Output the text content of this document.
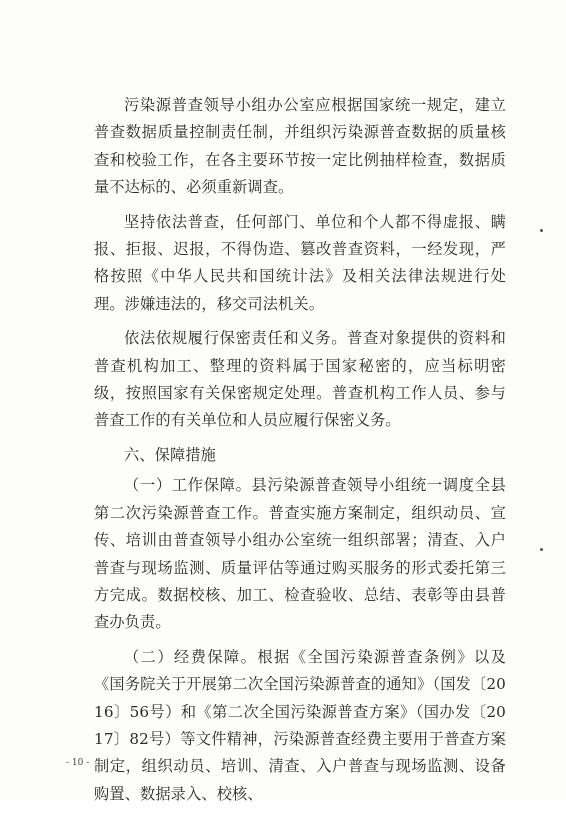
污染源普查领导小组办公室应根据国家统一规定，建立普查数据质量控制责任制，并组织污染源普查数据的质量核查和校验工作，在各主要环节按一定比例抽样检查，数据质量不达标的、必须重新调查。

坚持依法普查，任何部门、单位和个人都不得虚报、瞒报、拒报、迟报，不得伪造、篡改普查资料，一经发现，严格按照《中华人民共和国统计法》及相关法律法规进行处理。涉嫌违法的，移交司法机关。

依法依规履行保密责任和义务。普查对象提供的资料和普查机构加工、整理的资料属于国家秘密的，应当标明密级，按照国家有关保密规定处理。普查机构工作人员、参与普查工作的有关单位和人员应履行保密义务。

六、保障措施

（一）工作保障。县污染源普查领导小组统一调度全县第二次污染源普查工作。普查实施方案制定，组织动员、宣传、培训由普查领导小组办公室统一组织部署；清查、入户普查与现场监测、质量评估等通过购买服务的形式委托第三方完成。数据校核、加工、检查验收、总结、表彰等由县普查办负责。

（二）经费保障。根据《全国污染源普查条例》以及《国务院关于开展第二次全国污染源普查的通知》（国发〔2016〕56号）和《第二次全国污染源普查方案》（国办发〔2017〕82号）等文件精神，污染源普查经费主要用于普查方案制定，组织动员、培训、清查、入户普查与现场监测、设备购置、数据录入、校核、

- 10 -
